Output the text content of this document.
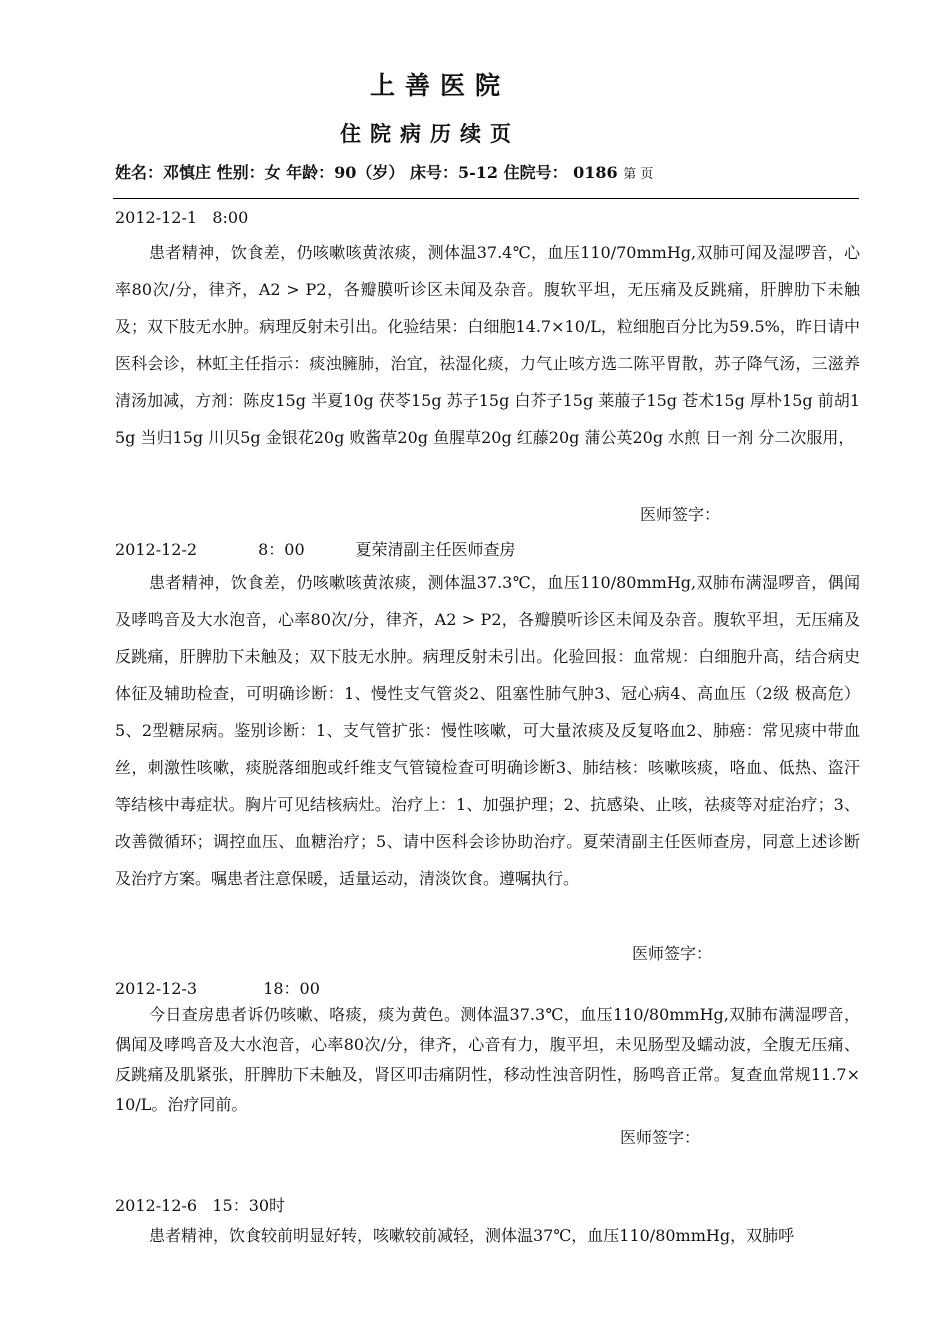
上善医院
住院病历续页
姓名：邓慎庄 性别：女 年龄：90（岁） 床号：5-12 住院号： 0186 第 页
2012-12-1   8:00

患者精神，饮食差，仍咳嗽咳黄浓痰，测体温37.4℃，血压110/70mmHg,双肺可闻及湿啰音，心率80次/分，律齐，A2 > P2，各瓣膜听诊区未闻及杂音。腹软平坦，无压痛及反跳痛，肝脾肋下未触及；双下肢无水肿。病理反射未引出。化验结果：白细胞14.7×10/L，粒细胞百分比为59.5%，昨日请中医科会诊，林虹主任指示：痰浊臃肺，治宜，祛湿化痰，力气止咳方选二陈平胃散，苏子降气汤，三滋养清汤加减，方剂：陈皮15g 半夏10g 茯苓15g 苏子15g 白芥子15g 莱菔子15g 苍术15g 厚朴15g 前胡15g 当归15g 川贝5g 金银花20g 败酱草20g 鱼腥草20g 红藤20g 蒲公英20g 水煎 日一剂 分二次服用，

医师签字：
2012-12-2            8：00          夏荣清副主任医师查房

患者精神，饮食差，仍咳嗽咳黄浓痰，测体温37.3℃，血压110/80mmHg,双肺布满湿啰音，偶闻及哮鸣音及大水泡音，心率80次/分，律齐，A2 > P2，各瓣膜听诊区未闻及杂音。腹软平坦，无压痛及反跳痛，肝脾肋下未触及；双下肢无水肿。病理反射未引出。化验回报：血常规：白细胞升高，结合病史体征及辅助检查，可明确诊断：1、慢性支气管炎2、阻塞性肺气肿3、冠心病4、高血压（2级 极高危）5、2型糖尿病。鉴别诊断：1、支气管扩张：慢性咳嗽，可大量浓痰及反复咯血2、肺癌：常见痰中带血丝，刺激性咳嗽，痰脱落细胞或纤维支气管镜检查可明确诊断3、肺结核：咳嗽咳痰，咯血、低热、盗汗等结核中毒症状。胸片可见结核病灶。治疗上：1、加强护理；2、抗感染、止咳，祛痰等对症治疗；3、改善微循环；调控血压、血糖治疗；5、请中医科会诊协助治疗。夏荣清副主任医师查房，同意上述诊断及治疗方案。嘱患者注意保暖，适量运动，清淡饮食。遵嘱执行。

医师签字：
2012-12-3             18：00

今日查房患者诉仍咳嗽、咯痰，痰为黄色。测体温37.3℃，血压110/80mmHg,双肺布满湿啰音，偶闻及哮鸣音及大水泡音，心率80次/分，律齐，心音有力，腹平坦，未见肠型及蠕动波，全腹无压痛、反跳痛及肌紧张，肝脾肋下未触及，肾区叩击痛阴性，移动性浊音阴性，肠鸣音正常。复查血常规11.7×10/L。治疗同前。

医师签字：
2012-12-6   15：30时

患者精神，饮食较前明显好转，咳嗽较前减轻，测体温37℃，血压110/80mmHg，双肺呼
